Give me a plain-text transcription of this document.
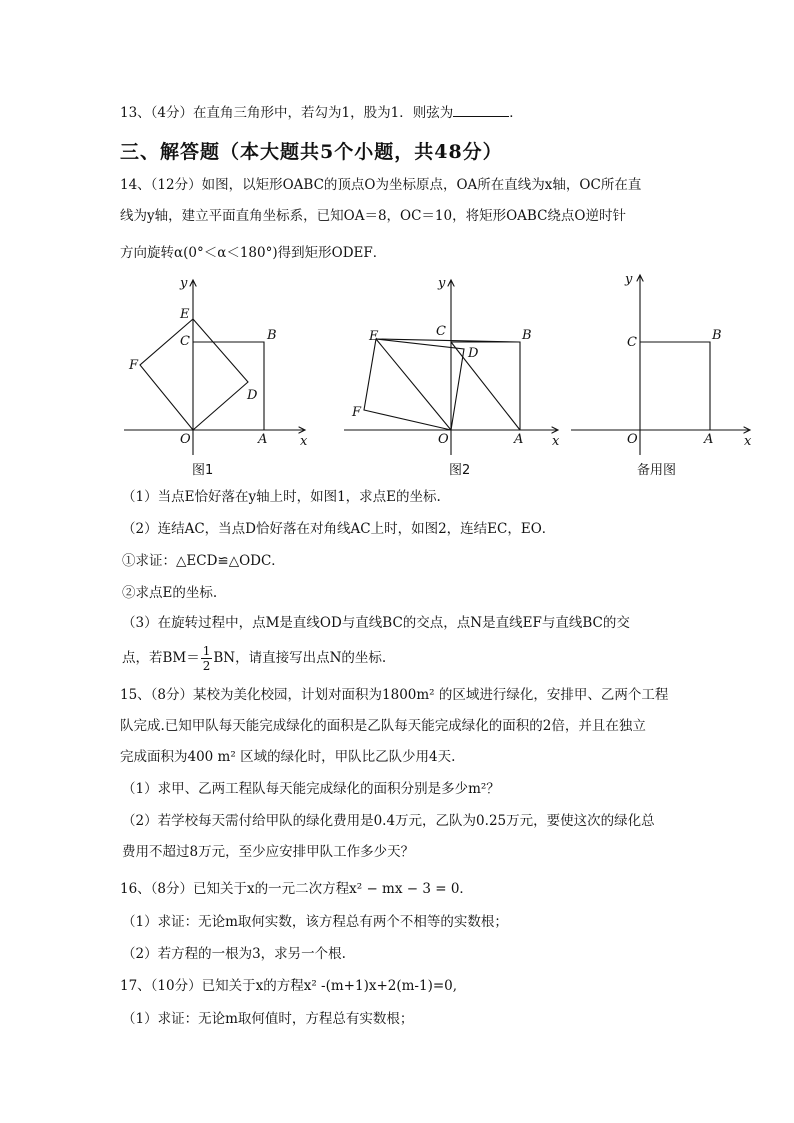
13、（4分）在直角三角形中，若勾为1，股为1．则弦为	．
三、解答题（本大题共5个小题，共48分）
14、（12分）如图，以矩形OABC的顶点O为坐标原点，OA所在直线为x轴，OC所在直
线为y轴，建立平面直角坐标系，已知OA＝8，OC＝10，将矩形OABC绕点O逆时针
方向旋转α(0°＜α＜180°)得到矩形ODEF．
y
E
C	B
F
D
O	A	x
图1
y
E	C	B
D
F
O	A x
图2
y
C	B
O	A x
备用图
（1）当点E恰好落在y轴上时，如图1，求点E的坐标.
（2）连结AC，当点D恰好落在对角线AC上时，如图2，连结EC，EO．
①求证：△ECD≌△ODC．
②求点E的坐标.
（3）在旋转过程中，点M是直线OD与直线BC的交点，点N是直线EF与直线BC的交
点，若$BM= \frac{1}{2}$ BN，请直接写出点N的坐标.
15、（8分）某校为美化校园，计划对面积为1800m² 的区域进行绿化，安排甲、乙两个工程
队完成.已知甲队每天能完成绿化的面积是乙队每天能完成绿化的面积的2倍，并且在独立
完成面积为400 m² 区域的绿化时，甲队比乙队少用4天.
（1）求甲、乙两工程队每天能完成绿化的面积分别是多少m²？
（2）若学校每天需付给甲队的绿化费用是0.4万元，乙队为0.25万元，要使这次的绿化总
费用不超过8万元，至少应安排甲队工作多少天？
16、（8分）已知关于x的一元二次方程x² − mx − 3 = 0．
（1）求证：无论m取何实数，该方程总有两个不相等的实数根；
（2）若方程的一根为3，求另一个根.
17、（10分）已知关于x的方程x² -(m+1)x+2(m-1)=0,
（1）求证：无论m取何值时，方程总有实数根；
